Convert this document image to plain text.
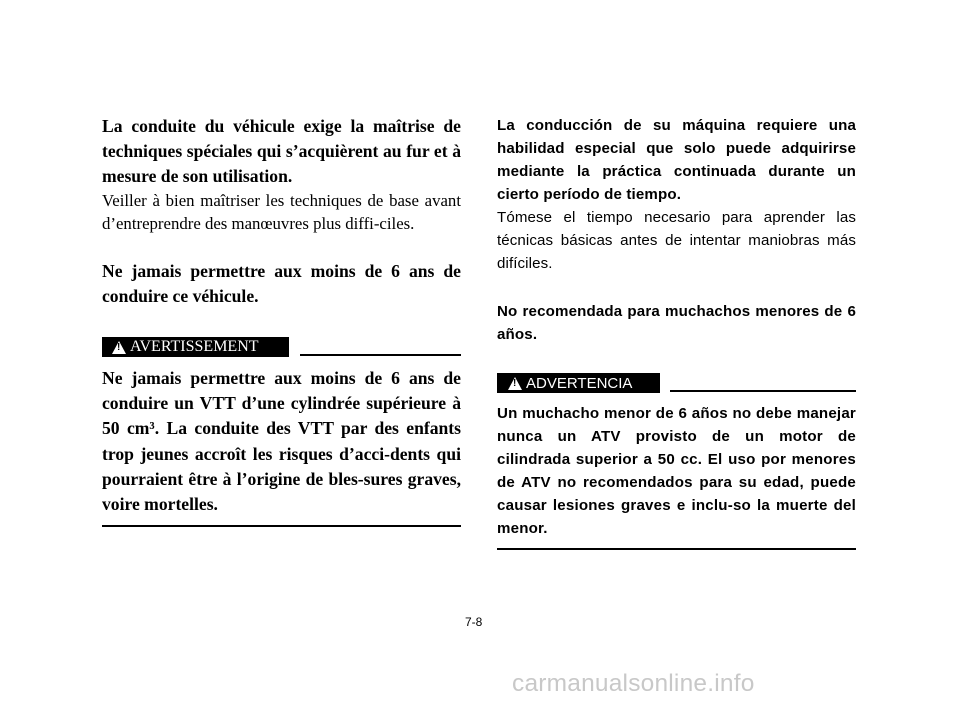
La conduite du véhicule exige la maîtrise de techniques spéciales qui s’acquièrent au fur et à mesure de son utilisation.

Veiller à bien maîtriser les techniques de base avant d’entreprendre des manœuvres plus diffi-ciles.

Ne jamais permettre aux moins de 6 ans de conduire ce véhicule.

!
AVERTISSEMENT

Ne jamais permettre aux moins de 6 ans de conduire un VTT d’une cylindrée supérieure à 50 cm³. La conduite des VTT par des enfants trop jeunes accroît les risques d’acci-dents qui pourraient être à l’origine de bles-sures graves, voire mortelles.

La conducción de su máquina requiere una habilidad especial que solo puede adquirirse mediante la práctica continuada durante un cierto período de tiempo.

Tómese el tiempo necesario para aprender las técnicas básicas antes de intentar maniobras más difíciles.

No recomendada para muchachos menores de 6 años.

!
ADVERTENCIA

Un muchacho menor de 6 años no debe manejar nunca un ATV provisto de un motor de cilindrada superior a 50 cc. El uso por menores de ATV no recomendados para su edad, puede causar lesiones graves e inclu-so la muerte del menor.

7-8
carmanualsonline.info
